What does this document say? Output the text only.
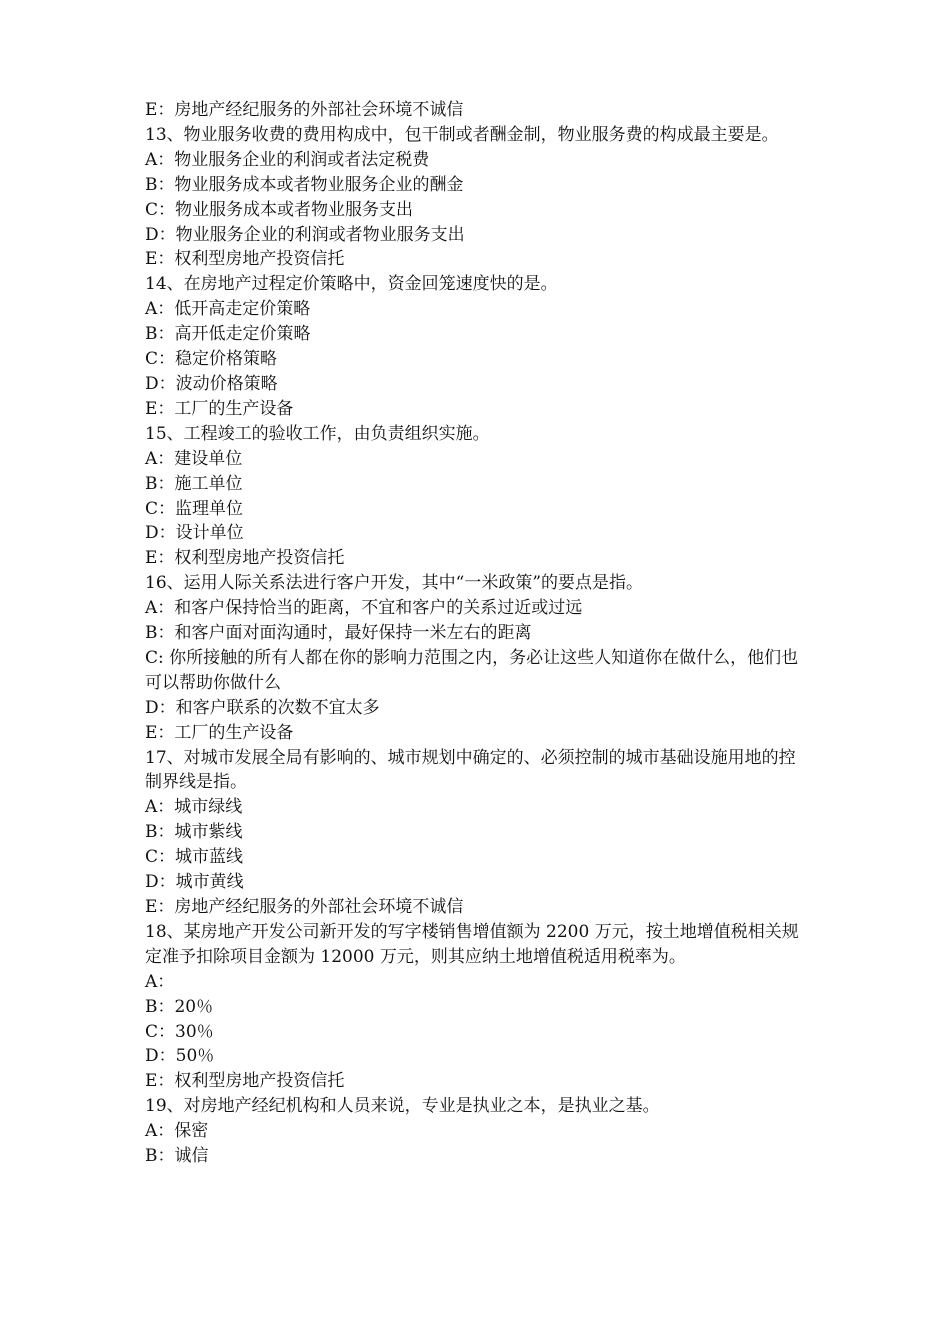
E：房地产经纪服务的外部社会环境不诚信

13、物业服务收费的费用构成中，包干制或者酬金制，物业服务费的构成最主要是。

A：物业服务企业的利润或者法定税费

B：物业服务成本或者物业服务企业的酬金

C：物业服务成本或者物业服务支出

D：物业服务企业的利润或者物业服务支出

E：权利型房地产投资信托

14、在房地产过程定价策略中，资金回笼速度快的是。

A：低开高走定价策略

B：高开低走定价策略

C：稳定价格策略

D：波动价格策略

E：工厂的生产设备

15、工程竣工的验收工作，由负责组织实施。

A：建设单位

B：施工单位

C：监理单位

D：设计单位

E：权利型房地产投资信托

16、运用人际关系法进行客户开发，其中“一米政策”的要点是指。

A：和客户保持恰当的距离，不宜和客户的关系过近或过远

B：和客户面对面沟通时，最好保持一米左右的距离

C: 你所接触的所有人都在你的影响力范围之内，务必让这些人知道你在做什么，他们也可以帮助你做什么

D：和客户联系的次数不宜太多

E：工厂的生产设备

17、对城市发展全局有影响的、城市规划中确定的、必须控制的城市基础设施用地的控制界线是指。

A：城市绿线

B：城市紫线

C：城市蓝线

D：城市黄线

E：房地产经纪服务的外部社会环境不诚信

18、某房地产开发公司新开发的写字楼销售增值额为 2200 万元，按土地增值税相关规定准予扣除项目金额为 12000 万元，则其应纳土地增值税适用税率为。

A：

B：20％

C：30％

D：50％

E：权利型房地产投资信托

19、对房地产经纪机构和人员来说，专业是执业之本，是执业之基。

A：保密

B：诚信
